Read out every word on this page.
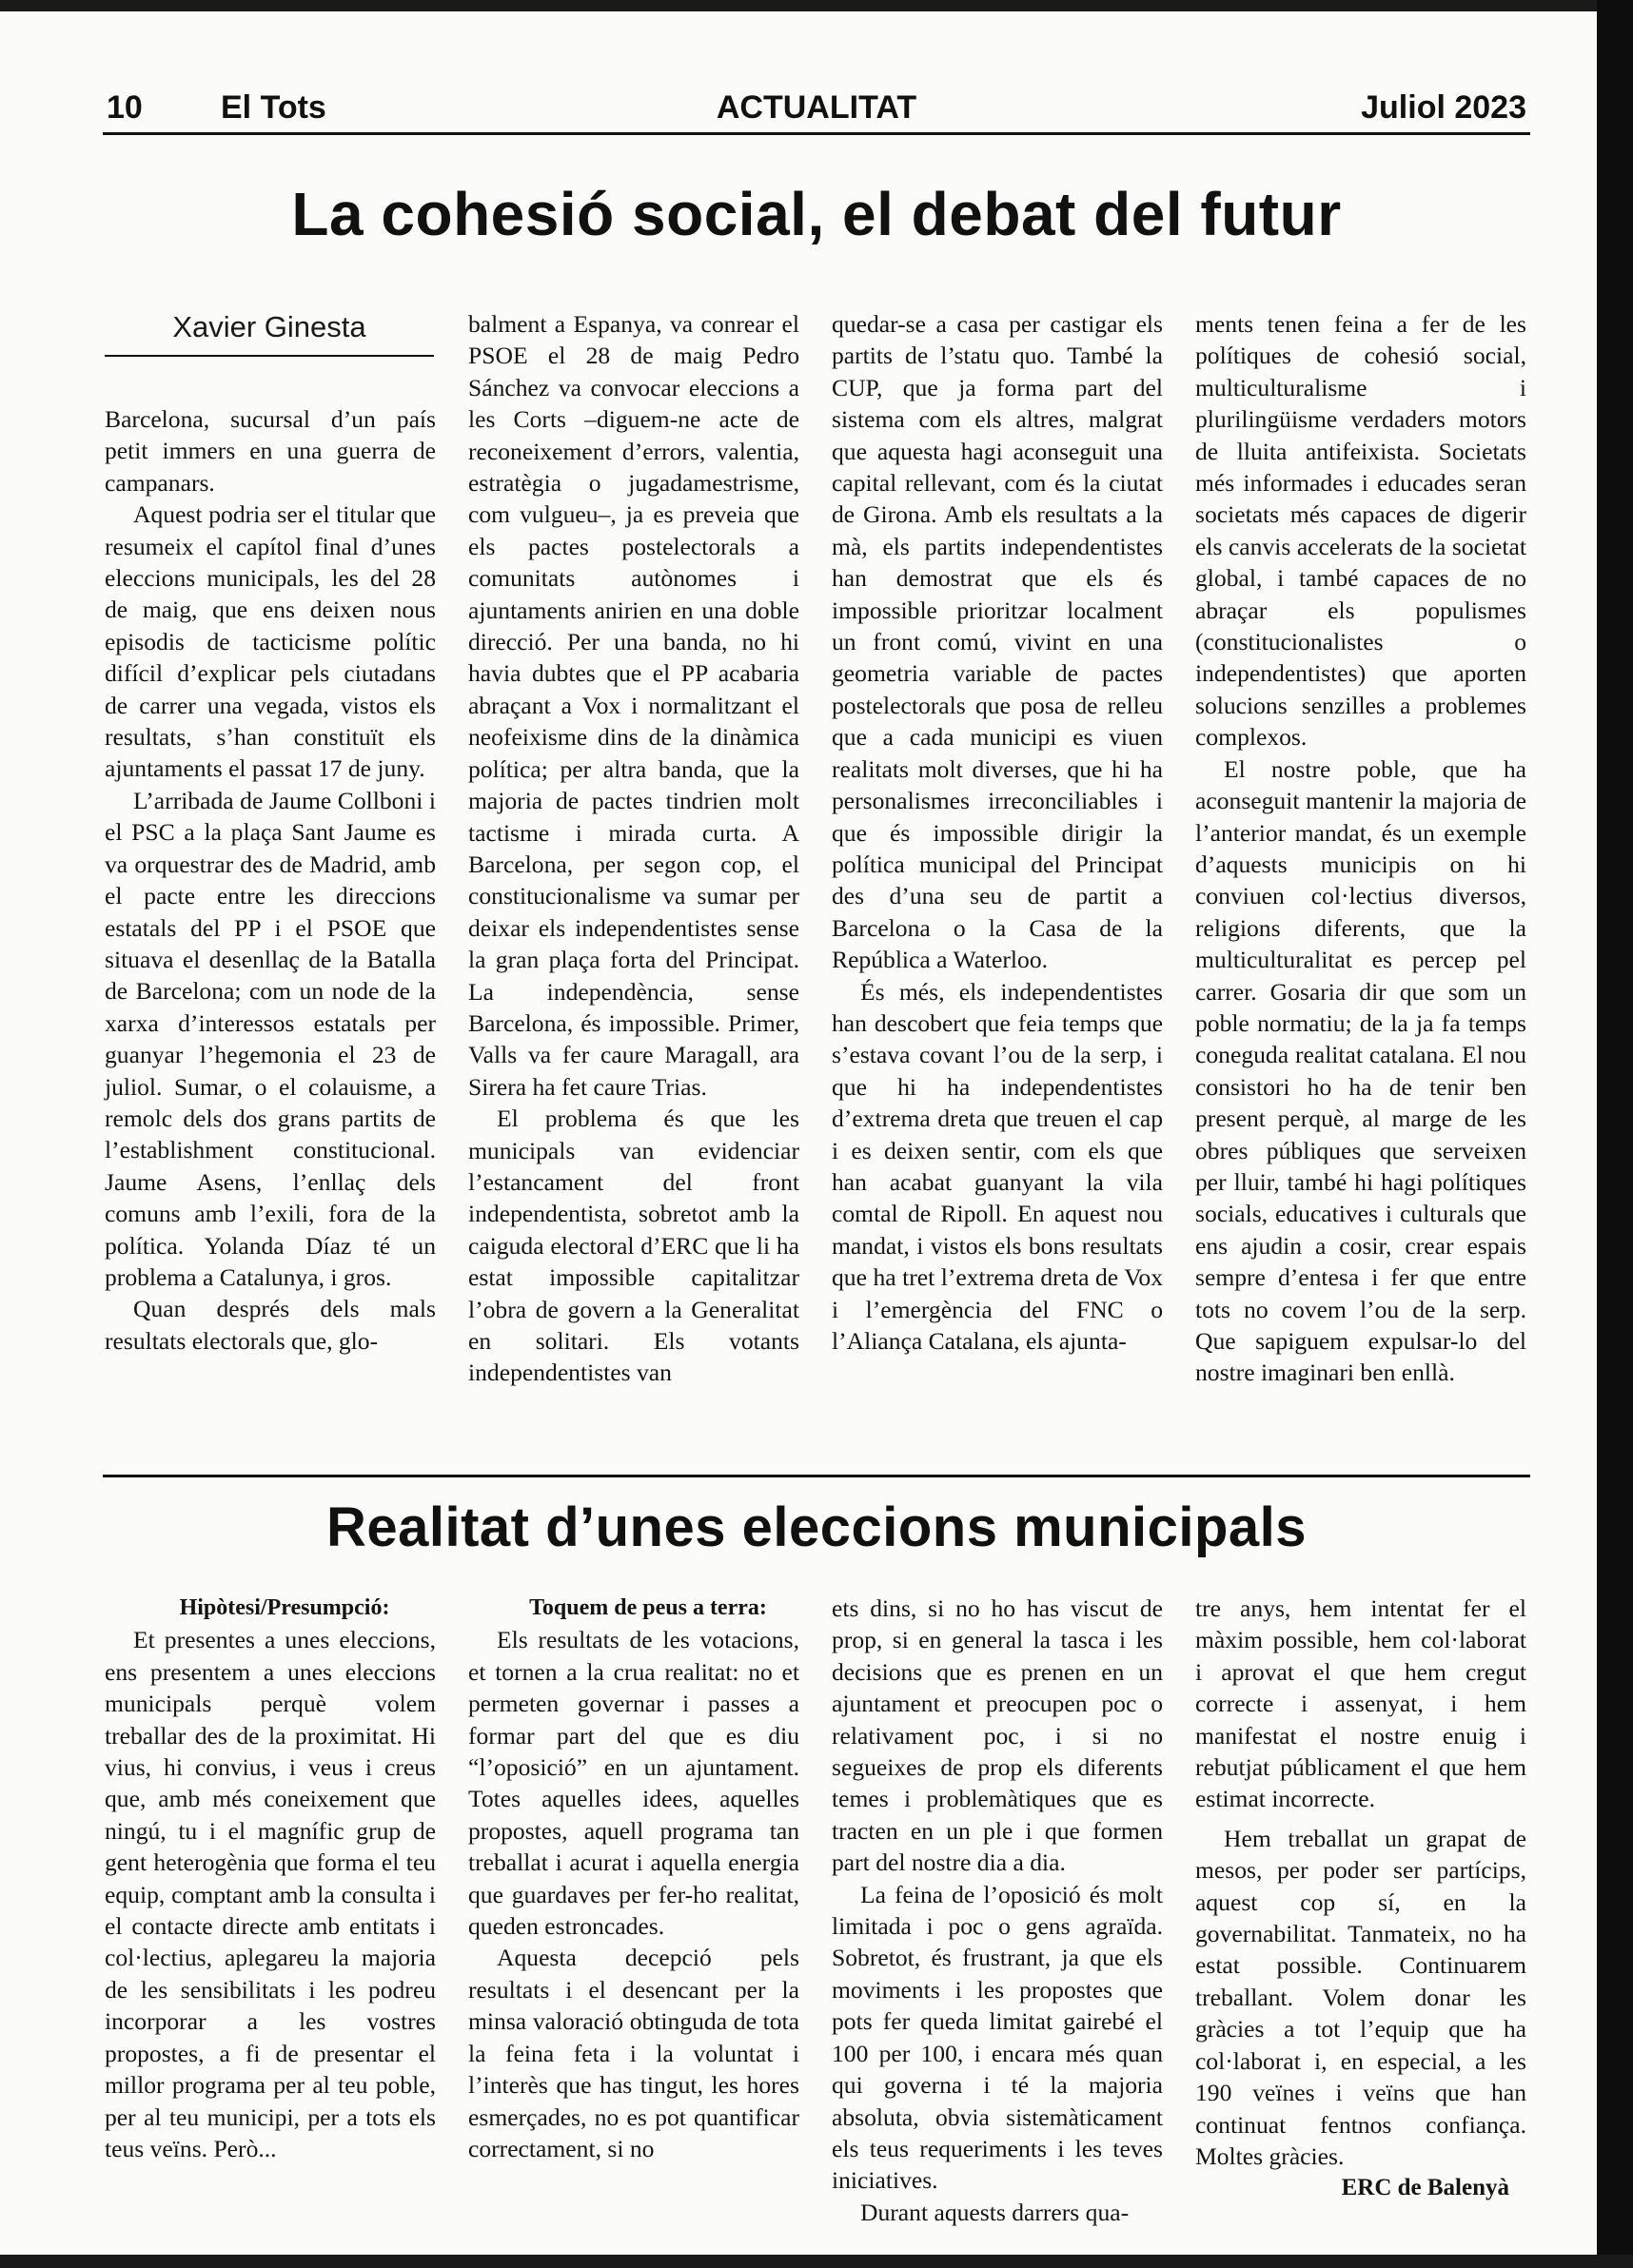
10 El Tots	ACTUALITAT	Juliol 2023
La cohesió social, el debat del futur
Xavier Ginesta

Barcelona, sucursal d’un país petit immers en una guerra de campanars.

Aquest podria ser el titular que resumeix el capítol final d’unes eleccions municipals, les del 28 de maig, que ens deixen nous episodis de tacticisme polític difícil d’explicar pels ciutadans de carrer una vegada, vistos els resultats, s’han constituït els ajuntaments el passat 17 de juny.

L’arribada de Jaume Collboni i el PSC a la plaça Sant Jaume es va orquestrar des de Madrid, amb el pacte entre les direccions estatals del PP i el PSOE que situava el desenllaç de la Batalla de Barcelona; com un node de la xarxa d’interessos estatals per guanyar l’hegemonia el 23 de juliol. Sumar, o el colauisme, a remolc dels dos grans partits de l’establishment constitucional. Jaume Asens, l’enllaç dels comuns amb l’exili, fora de la política. Yolanda Díaz té un problema a Catalunya, i gros.

Quan després dels mals resultats electorals que, glo-

balment a Espanya, va conrear el PSOE el 28 de maig Pedro Sánchez va convocar eleccions a les Corts –diguem-ne acte de reconeixement d’errors, valentia, estratègia o jugadamestrisme, com vulgueu–, ja es preveia que els pactes postelectorals a comunitats autònomes i ajuntaments anirien en una doble direcció. Per una banda, no hi havia dubtes que el PP acabaria abraçant a Vox i normalitzant el neofeixisme dins de la dinàmica política; per altra banda, que la majoria de pactes tindrien molt tactisme i mirada curta. A Barcelona, per segon cop, el constitucionalisme va sumar per deixar els independentistes sense la gran plaça forta del Principat. La independència, sense Barcelona, és impossible. Primer, Valls va fer caure Maragall, ara Sirera ha fet caure Trias.

El problema és que les municipals van evidenciar l’estancament del front independentista, sobretot amb la caiguda electoral d’ERC que li ha estat impossible capitalitzar l’obra de govern a la Generalitat en solitari. Els votants independentistes van

quedar-se a casa per castigar els partits de l’statu quo. També la CUP, que ja forma part del sistema com els altres, malgrat que aquesta hagi aconseguit una capital rellevant, com és la ciutat de Girona. Amb els resultats a la mà, els partits independentistes han demostrat que els és impossible prioritzar localment un front comú, vivint en una geometria variable de pactes postelectorals que posa de relleu que a cada municipi es viuen realitats molt diverses, que hi ha personalismes irreconciliables i que és impossible dirigir la política municipal del Principat des d’una seu de partit a Barcelona o la Casa de la República a Waterloo.

És més, els independentistes han descobert que feia temps que s’estava covant l’ou de la serp, i que hi ha independentistes d’extrema dreta que treuen el cap i es deixen sentir, com els que han acabat guanyant la vila comtal de Ripoll. En aquest nou mandat, i vistos els bons resultats que ha tret l’extrema dreta de Vox i l’emergència del FNC o l’Aliança Catalana, els ajunta-

ments tenen feina a fer de les polítiques de cohesió social, multiculturalisme i plurilingüisme verdaders motors de lluita antifeixista. Societats més informades i educades seran societats més capaces de digerir els canvis accelerats de la societat global, i també capaces de no abraçar els populismes (constitucionalistes o independentistes) que aporten solucions senzilles a problemes complexos.

El nostre poble, que ha aconseguit mantenir la majoria de l’anterior mandat, és un exemple d’aquests municipis on hi conviuen col·lectius diversos, religions diferents, que la multiculturalitat es percep pel carrer. Gosaria dir que som un poble normatiu; de la ja fa temps coneguda realitat catalana. El nou consistori ho ha de tenir ben present perquè, al marge de les obres públiques que serveixen per lluir, també hi hagi polítiques socials, educatives i culturals que ens ajudin a cosir, crear espais sempre d’entesa i fer que entre tots no covem l’ou de la serp. Que sapiguem expulsar-lo del nostre imaginari ben enllà.

Realitat d’unes eleccions municipals

Hipòtesi/Presumpció:

Et presentes a unes eleccions, ens presentem a unes eleccions municipals perquè volem treballar des de la proximitat. Hi vius, hi convius, i veus i creus que, amb més coneixement que ningú, tu i el magnífic grup de gent heterogènia que forma el teu equip, comptant amb la consulta i el contacte directe amb entitats i col·lectius, aplegareu la majoria de les sensibilitats i les podreu incorporar a les vostres propostes, a fi de presentar el millor programa per al teu poble, per al teu municipi, per a tots els teus veïns. Però...

Toquem de peus a terra:

Els resultats de les votacions, et tornen a la crua realitat: no et permeten governar i passes a formar part del que es diu “l’oposició” en un ajuntament. Totes aquelles idees, aquelles propostes, aquell programa tan treballat i acurat i aquella energia que guardaves per fer-ho realitat, queden estroncades.

Aquesta decepció pels resultats i el desencant per la minsa valoració obtinguda de tota la feina feta i la voluntat i l’interès que has tingut, les hores esmerçades, no es pot quantificar correctament, si no

ets dins, si no ho has viscut de prop, si en general la tasca i les decisions que es prenen en un ajuntament et preocupen poc o relativament poc, i si no segueixes de prop els diferents temes i problemàtiques que es tracten en un ple i que formen part del nostre dia a dia.

La feina de l’oposició és molt limitada i poc o gens agraïda. Sobretot, és frustrant, ja que els moviments i les propostes que pots fer queda limitat gairebé el 100 per 100, i encara més quan qui governa i té la majoria absoluta, obvia sistemàticament els teus requeriments i les teves iniciatives.

Durant aquests darrers qua-

tre anys, hem intentat fer el màxim possible, hem col·laborat i aprovat el que hem cregut correcte i assenyat, i hem manifestat el nostre enuig i rebutjat públicament el que hem estimat incorrecte.

Hem treballat un grapat de mesos, per poder ser partícips, aquest cop sí, en la governabilitat. Tanmateix, no ha estat possible. Continuarem treballant. Volem donar les gràcies a tot l’equip que ha col·laborat i, en especial, a les 190 veïnes i veïns que han continuat fentnos confiança. Moltes gràcies.

ERC de Balenyà
